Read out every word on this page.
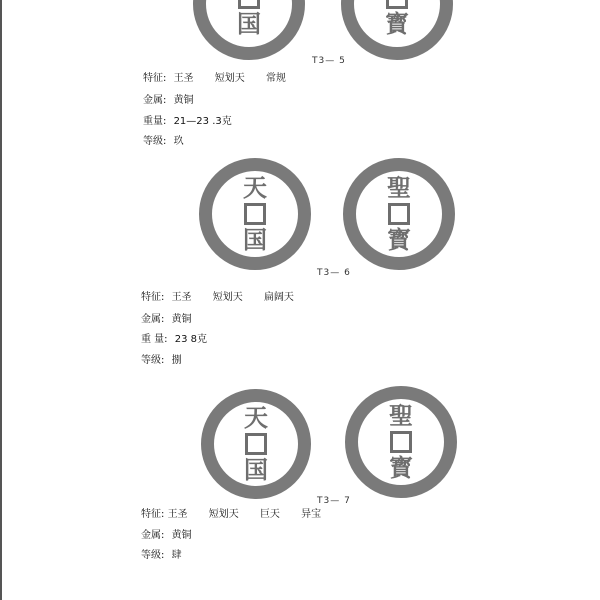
国	寳
T3— 5
特征: 王圣 短划天 常规
金属: 黄铜
重量: 21—23 .3克
等级: 玖
天
国
聖
寳
T3— 6
特征: 王圣 短划天 扁阔天
金属: 黄铜
重 量: 23 8克
等级: 捌
天
国
聖
寳
T3— 7
特征: 王圣 短划天 巨天 异宝
金属: 黄铜
等级: 肆
